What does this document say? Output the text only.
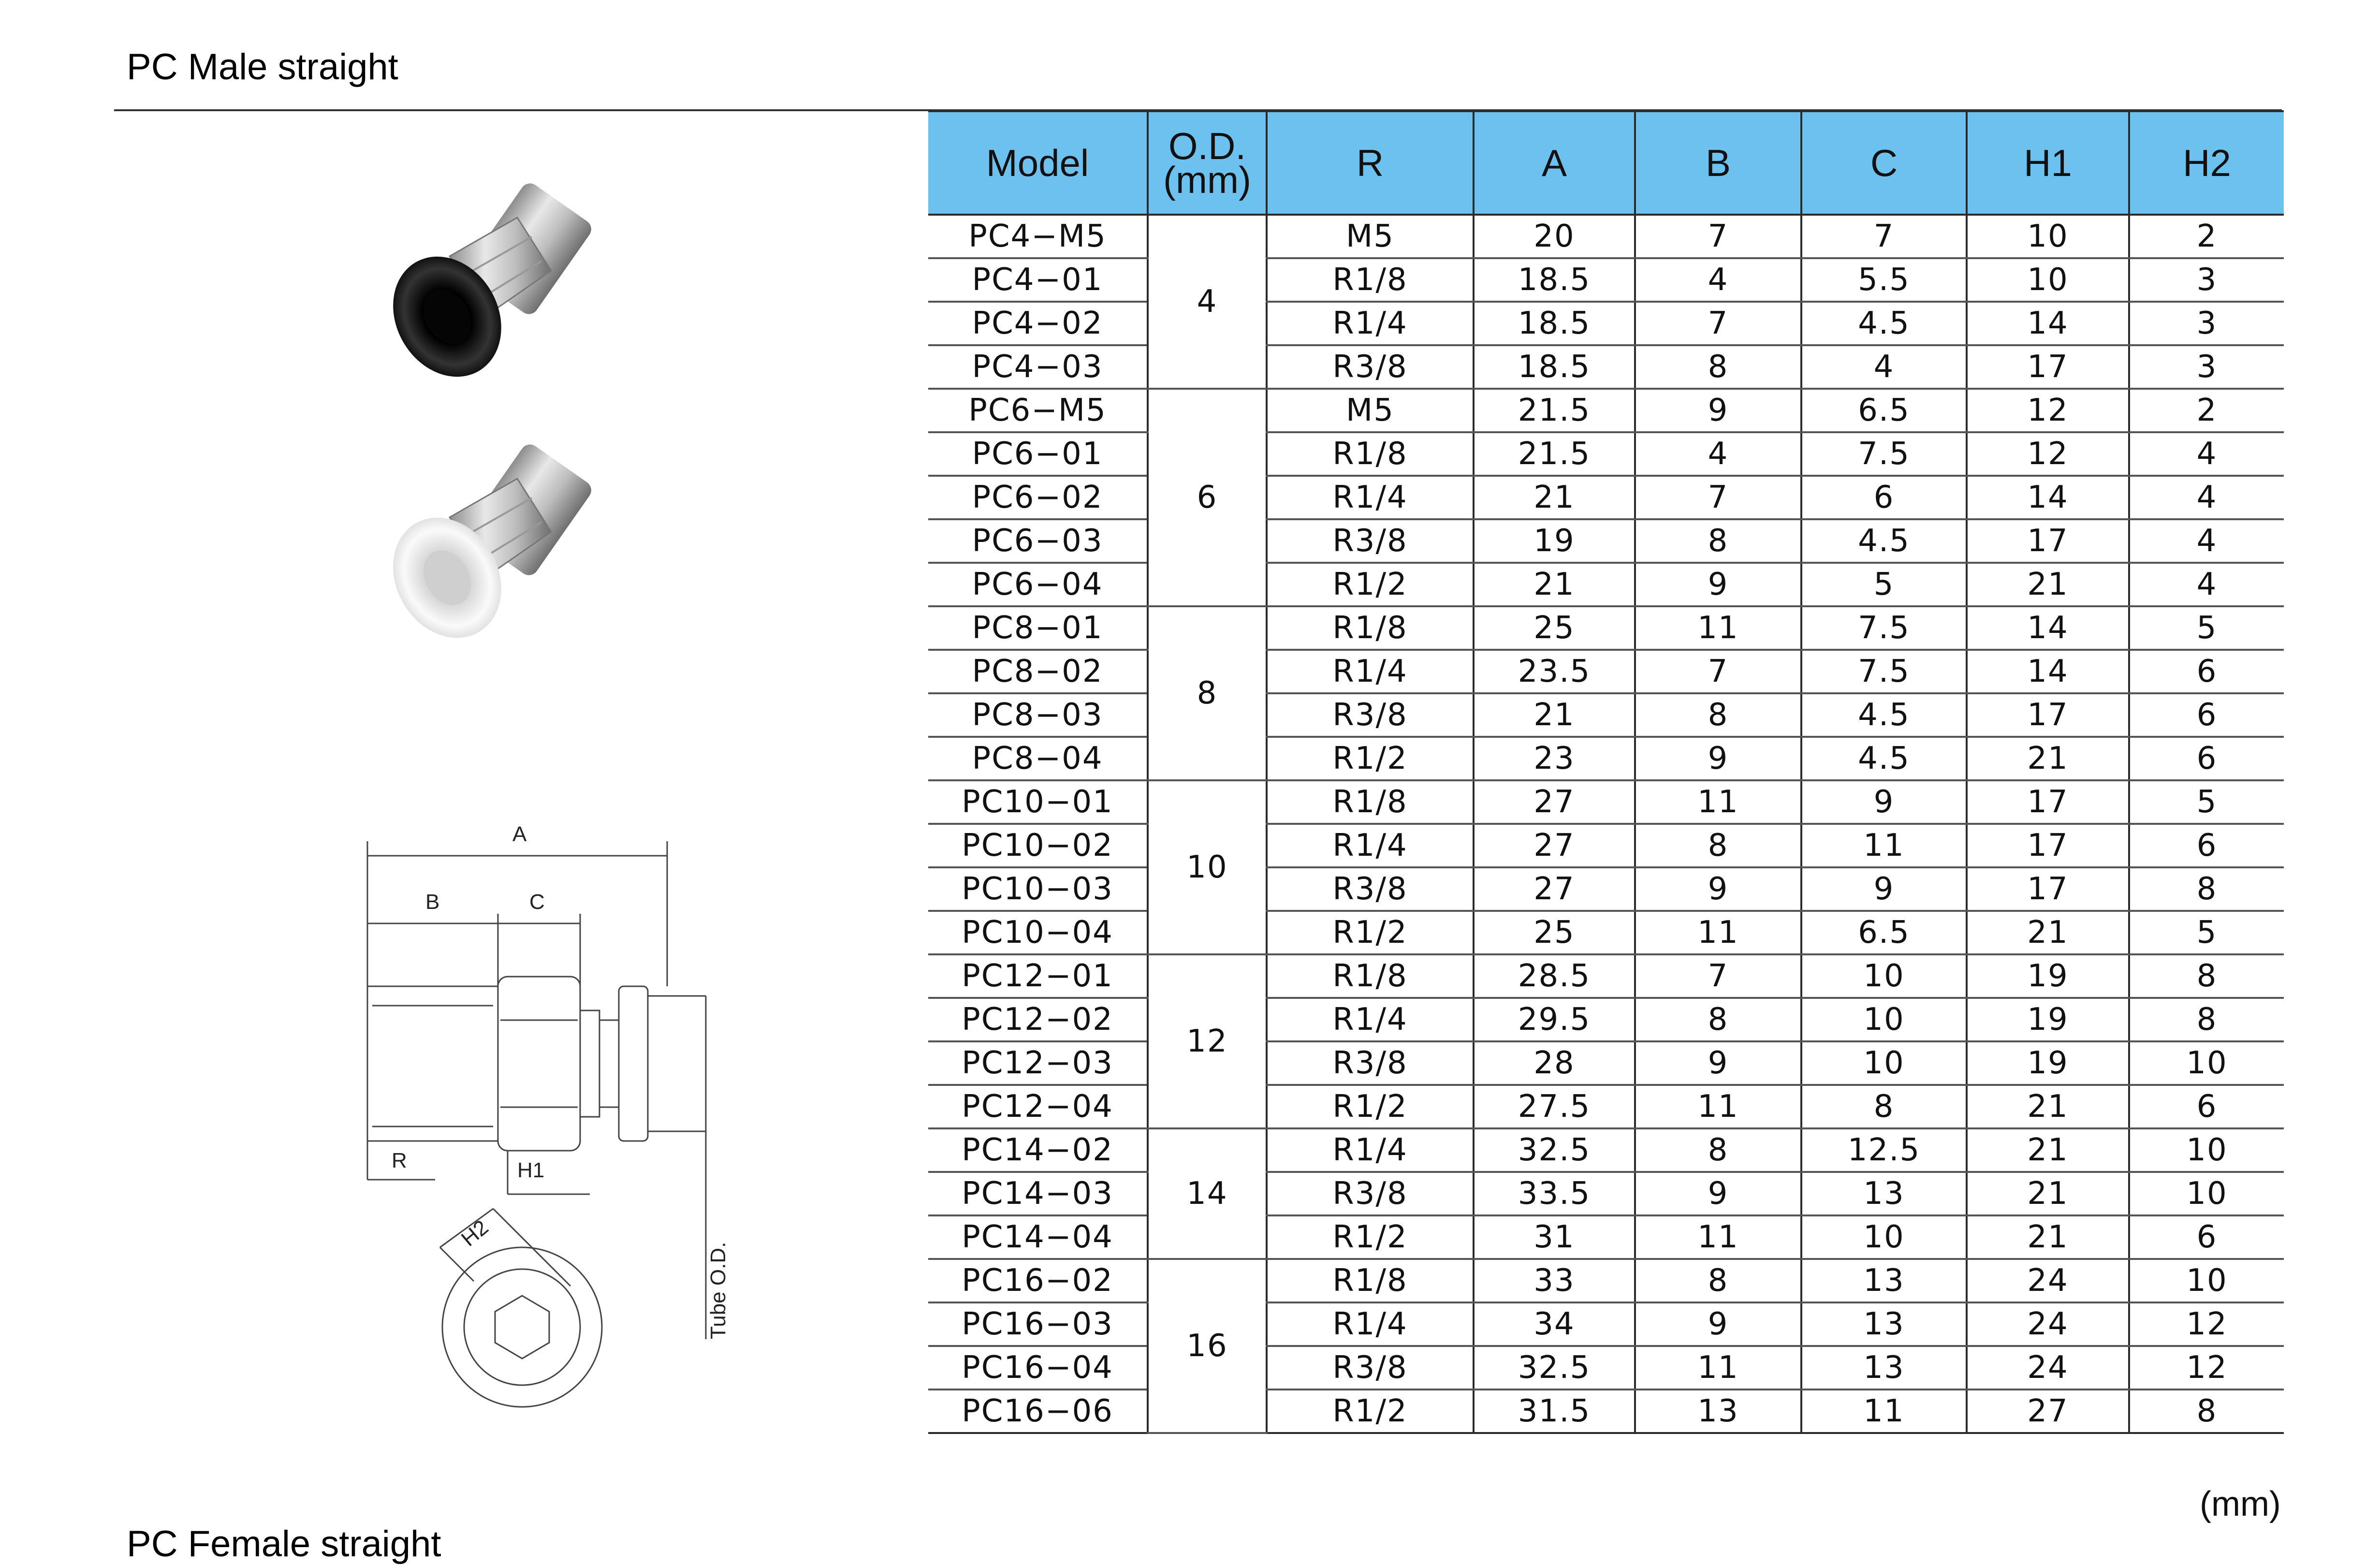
PC Male straight
A
B	C
Tube O.D.
R	H1
H2
Model	O.D.
(mm)	R	A	B	C	H1	H2
PC4−M5	4	M5	20	7	7	10	2
PC4−01		R1/8	18.5	4	5.5	10	3
PC4−02		R1/4	18.5	7	4.5	14	3
PC4−03		R3/8	18.5	8	4	17	3
PC6−M5	6	M5	21.5	9	6.5	12	2
PC6−01		R1/8	21.5	4	7.5	12	4
PC6−02		R1/4	21	7	6	14	4
PC6−03		R3/8	19	8	4.5	17	4
PC6−04		R1/2	21	9	5	21	4
PC8−01	8	R1/8	25	11	7.5	14	5
PC8−02		R1/4	23.5	7	7.5	14	6
PC8−03		R3/8	21	8	4.5	17	6
PC8−04		R1/2	23	9	4.5	21	6
PC10−01	10	R1/8	27	11	9	17	5
PC10−02		R1/4	27	8	11	17	6
PC10−03		R3/8	27	9	9	17	8
PC10−04		R1/2	25	11	6.5	21	5
PC12−01	12	R1/8	28.5	7	10	19	8
PC12−02		R1/4	29.5	8	10	19	8
PC12−03		R3/8	28	9	10	19	10
PC12−04		R1/2	27.5	11	8	21	6
PC14−02	14	R1/4	32.5	8	12.5	21	10
PC14−03		R3/8	33.5	9	13	21	10
PC14−04		R1/2	31	11	10	21	6
PC16−02	16	R1/8	33	8	13	24	10
PC16−03		R1/4	34	9	13	24	12
PC16−04		R3/8	32.5	11	13	24	12
PC16−06		R1/2	31.5	13	11	27	8
(mm)
PC Female straight
